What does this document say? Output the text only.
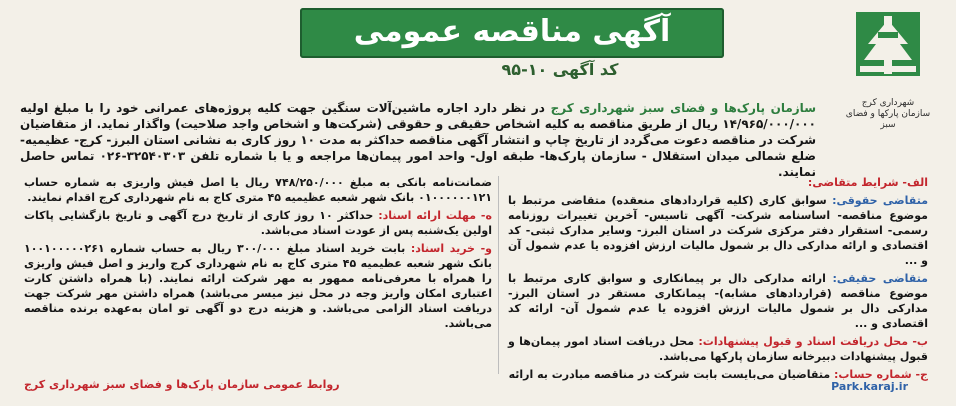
آگهی مناقصه عمومی
کد آگهی ۱۰-۹۵
شهرداری کرج
سازمان پارکها و فضای سبز
سازمان پارک‌ها و فضای سبز شهرداری کرج در نظر دارد اجاره ماشین‌آلات سنگین جهت کلیه پروژه‌های عمرانی خود را با مبلغ اولیه ۱۴/۹۶۵/۰۰۰/۰۰۰ ریال از طریق مناقصه به کلیه اشخاص حقیقی و حقوقی (شرکت‌ها و اشخاص واجد صلاحیت) واگذار نماید. از متقاضیان شرکت در مناقصه دعوت می‌گردد از تاریخ چاپ و انتشار آگهی مناقصه حداکثر به مدت ۱۰ روز کاری به نشانی استان البرز- کرج- عظیمیه- ضلع شمالی میدان استقلال - سازمان پارک‌ها- طبقه اول- واحد امور پیمان‌ها مراجعه و یا با شماره تلفن ۳۲۵۴۰۳۰۳-۰۲۶ تماس حاصل نمایند.

الف- شرایط متقاضی:

متقاضی حقوقی: سوابق کاری (کلیه قراردادهای منعقده) متقاضی مرتبط با موضوع مناقصه- اساسنامه شرکت- آگهی تاسیس- آخرین تغییرات روزنامه رسمی- استقرار دفتر مرکزی شرکت در استان البرز- وسایر مدارک ثبتی- کد اقتصادی و ارائه مدارکی دال بر شمول مالیات ارزش افزوده یا عدم شمول آن و ...

متقاضی حقیقی: ارائه مدارکی دال بر پیمانکاری و سوابق کاری مرتبط با موضوع مناقصه (قراردادهای مشابه)- پیمانکاری مستقر در استان البرز- مدارکی دال بر شمول مالیات ارزش افزوده یا عدم شمول آن- ارائه کد اقتصادی و ...

ب- محل دریافت اسناد و قبول پیشنهادات: محل دریافت اسناد امور پیمان‌ها و قبول پیشنهادات دبیرخانه سازمان پارکها می‌باشد.

ج- شماره حساب: متقاضیان می‌بایست بابت شرکت در مناقصه مبادرت به ارائه

ضمانت‌نامه بانکی به مبلغ ۷۴۸/۲۵۰/۰۰۰ ریال یا اصل فیش واریزی به شماره حساب ۰۱۰۰۰۰۰۰۱۲۱ بانک شهر شعبه عظیمیه ۴۵ متری کاج به نام شهرداری کرج اقدام نمایند.

ه- مهلت ارائه اسناد: حداکثر ۱۰ روز کاری از تاریخ درج آگهی و تاریخ بازگشایی پاکات اولین یک‌شنبه پس از عودت اسناد می‌باشد.

و- خرید اسناد: بابت خرید اسناد مبلغ ۳۰۰/۰۰۰ ریال به حساب شماره ۱۰۰۱۰۰۰۰۰۲۶۱ بانک شهر شعبه عظیمیه ۴۵ متری کاج به نام شهرداری کرج واریز و اصل فیش واریزی را همراه با معرفی‌نامه ممهور به مهر شرکت ارائه نمایند. (با همراه داشتن کارت اعتباری امکان واریز وجه در محل نیز میسر می‌باشد) همراه داشتن مهر شرکت جهت دریافت اسناد الزامی می‌باشد. و هزینه درج دو آگهی تو امان به‌عهده برنده مناقصه می‌باشد.

روابط عمومی سازمان پارک‌ها و فضای سبز شهرداری کرج	Park.karaj.ir
